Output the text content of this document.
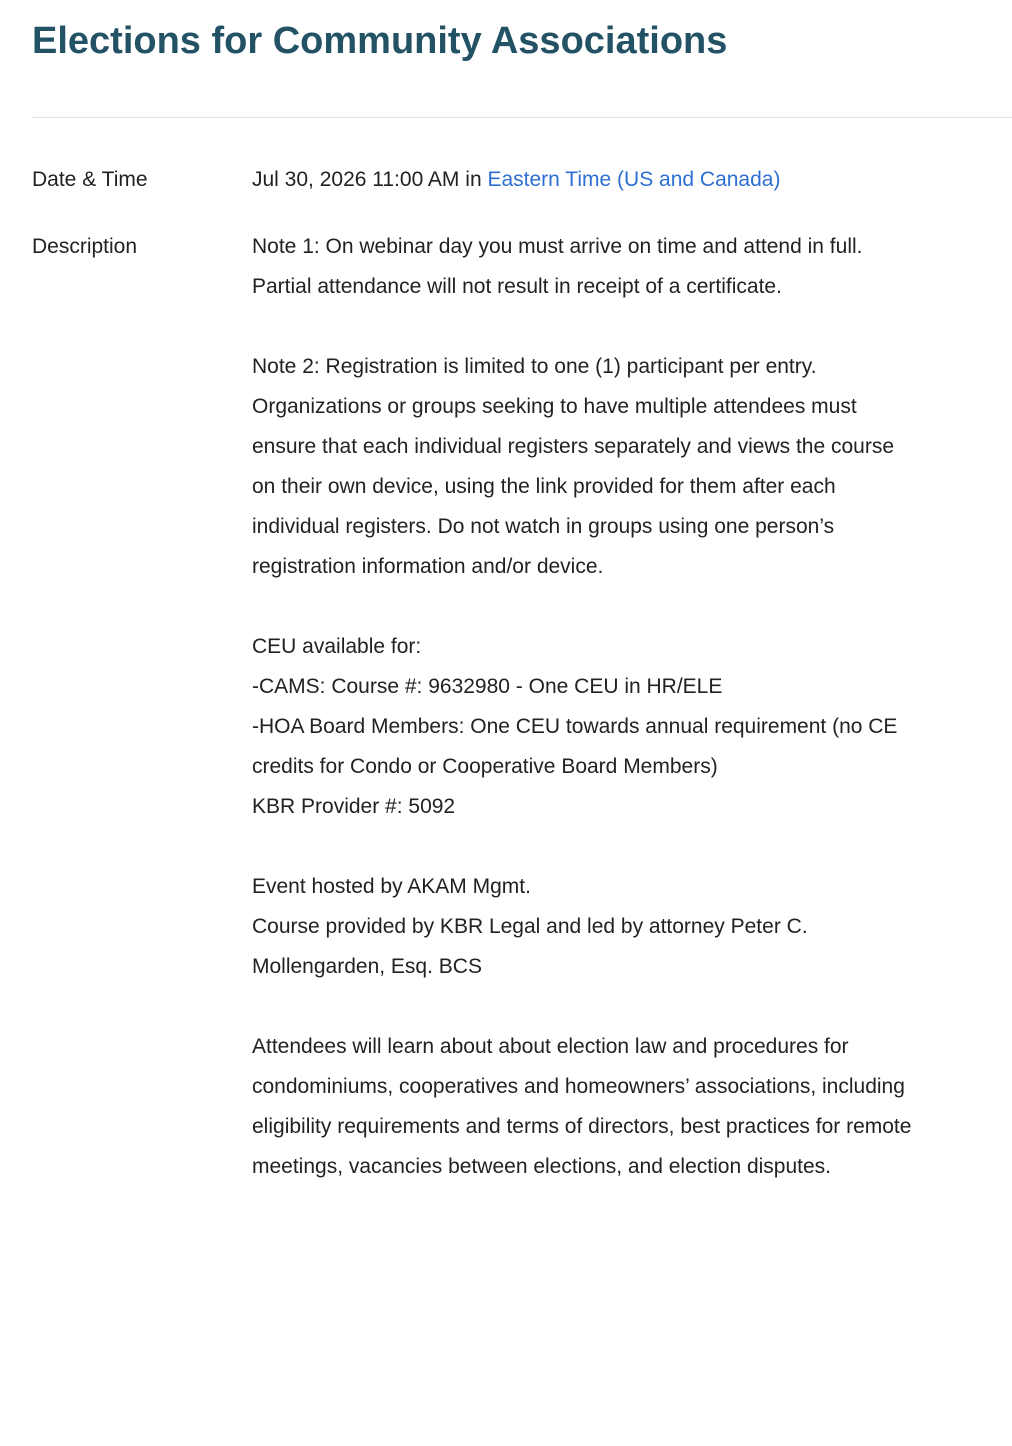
Elections for Community Associations
Date & Time	Jul 30, 2026 11:00 AM in Eastern Time (US and Canada)
Description	Note 1: On webinar day you must arrive on time and attend in full. Partial attendance will not result in receipt of a certificate.

Note 2: Registration is limited to one (1) participant per entry. Organizations or groups seeking to have multiple attendees must ensure that each individual registers separately and views the course on their own device, using the link provided for them after each individual registers. Do not watch in groups using one person’s registration information and/or device.

CEU available for:
-CAMS: Course #: 9632980 - One CEU in HR/ELE
-HOA Board Members: One CEU towards annual requirement (no CE credits for Condo or Cooperative Board Members)
KBR Provider #: 5092

Event hosted by AKAM Mgmt.
Course provided by KBR Legal and led by attorney Peter C. Mollengarden, Esq. BCS

Attendees will learn about about election law and procedures for condominiums, cooperatives and homeowners’ associations, including eligibility requirements and terms of directors, best practices for remote meetings, vacancies between elections, and election disputes.
